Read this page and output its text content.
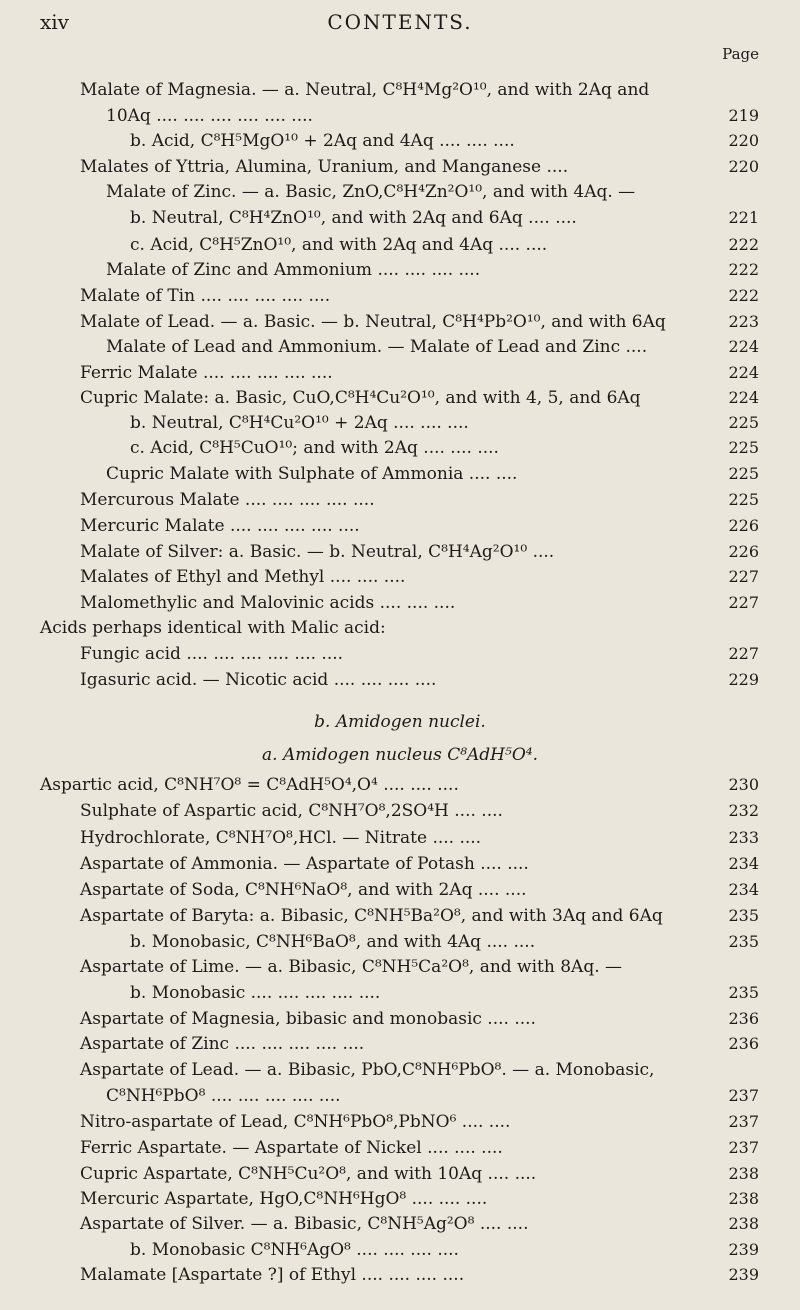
xiv	CONTENTS.
Page
Malate of Magnesia. — a. Neutral, C⁸H⁴Mg²O¹⁰, and with 2Aq and
10Aq .... .... .... .... .... ....	219
b. Acid, C⁸H⁵MgO¹⁰ + 2Aq and 4Aq .... .... ....	220
Malates of Yttria, Alumina, Uranium, and Manganese ....	220
Malate of Zinc. — a. Basic, ZnO,C⁸H⁴Zn²O¹⁰, and with 4Aq. —
b. Neutral, C⁸H⁴ZnO¹⁰, and with 2Aq and 6Aq .... ....	221
c. Acid, C⁸H⁵ZnO¹⁰, and with 2Aq and 4Aq .... ....	222
Malate of Zinc and Ammonium .... .... .... ....	222
Malate of Tin .... .... .... .... ....	222
Malate of Lead. — a. Basic. — b. Neutral, C⁸H⁴Pb²O¹⁰, and with 6Aq	223
Malate of Lead and Ammonium. — Malate of Lead and Zinc ....	224
Ferric Malate .... .... .... .... ....	224
Cupric Malate: a. Basic, CuO,C⁸H⁴Cu²O¹⁰, and with 4, 5, and 6Aq	224
b. Neutral, C⁸H⁴Cu²O¹⁰ + 2Aq .... .... ....	225
c. Acid, C⁸H⁵CuO¹⁰; and with 2Aq .... .... ....	225
Cupric Malate with Sulphate of Ammonia .... ....	225
Mercurous Malate .... .... .... .... ....	225
Mercuric Malate .... .... .... .... ....	226
Malate of Silver: a. Basic. — b. Neutral, C⁸H⁴Ag²O¹⁰ ....	226
Malates of Ethyl and Methyl .... .... ....	227
Malomethylic and Malovinic acids .... .... ....	227
Acids perhaps identical with Malic acid:
Fungic acid .... .... .... .... .... ....	227
Igasuric acid. — Nicotic acid .... .... .... ....	229
b. Amidogen nuclei.
a. Amidogen nucleus C⁸AdH⁵O⁴.
Aspartic acid, C⁸NH⁷O⁸ = C⁸AdH⁵O⁴,O⁴ .... .... ....	230
Sulphate of Aspartic acid, C⁸NH⁷O⁸,2SO⁴H .... ....	232
Hydrochlorate, C⁸NH⁷O⁸,HCl. — Nitrate .... ....	233
Aspartate of Ammonia. — Aspartate of Potash .... ....	234
Aspartate of Soda, C⁸NH⁶NaO⁸, and with 2Aq .... ....	234
Aspartate of Baryta: a. Bibasic, C⁸NH⁵Ba²O⁸, and with 3Aq and 6Aq	235
b. Monobasic, C⁸NH⁶BaO⁸, and with 4Aq .... ....	235
Aspartate of Lime. — a. Bibasic, C⁸NH⁵Ca²O⁸, and with 8Aq. —
b. Monobasic .... .... .... .... ....	235
Aspartate of Magnesia, bibasic and monobasic .... ....	236
Aspartate of Zinc .... .... .... .... ....	236
Aspartate of Lead. — a. Bibasic, PbO,C⁸NH⁶PbO⁸. — a. Monobasic,
C⁸NH⁶PbO⁸ .... .... .... .... ....	237
Nitro-aspartate of Lead, C⁸NH⁶PbO⁸,PbNO⁶ .... ....	237
Ferric Aspartate. — Aspartate of Nickel .... .... ....	237
Cupric Aspartate, C⁸NH⁵Cu²O⁸, and with 10Aq .... ....	238
Mercuric Aspartate, HgO,C⁸NH⁶HgO⁸ .... .... ....	238
Aspartate of Silver. — a. Bibasic, C⁸NH⁵Ag²O⁸ .... ....	238
b. Monobasic C⁸NH⁶AgO⁸ .... .... .... ....	239
Malamate [Aspartate ?] of Ethyl .... .... .... ....	239
